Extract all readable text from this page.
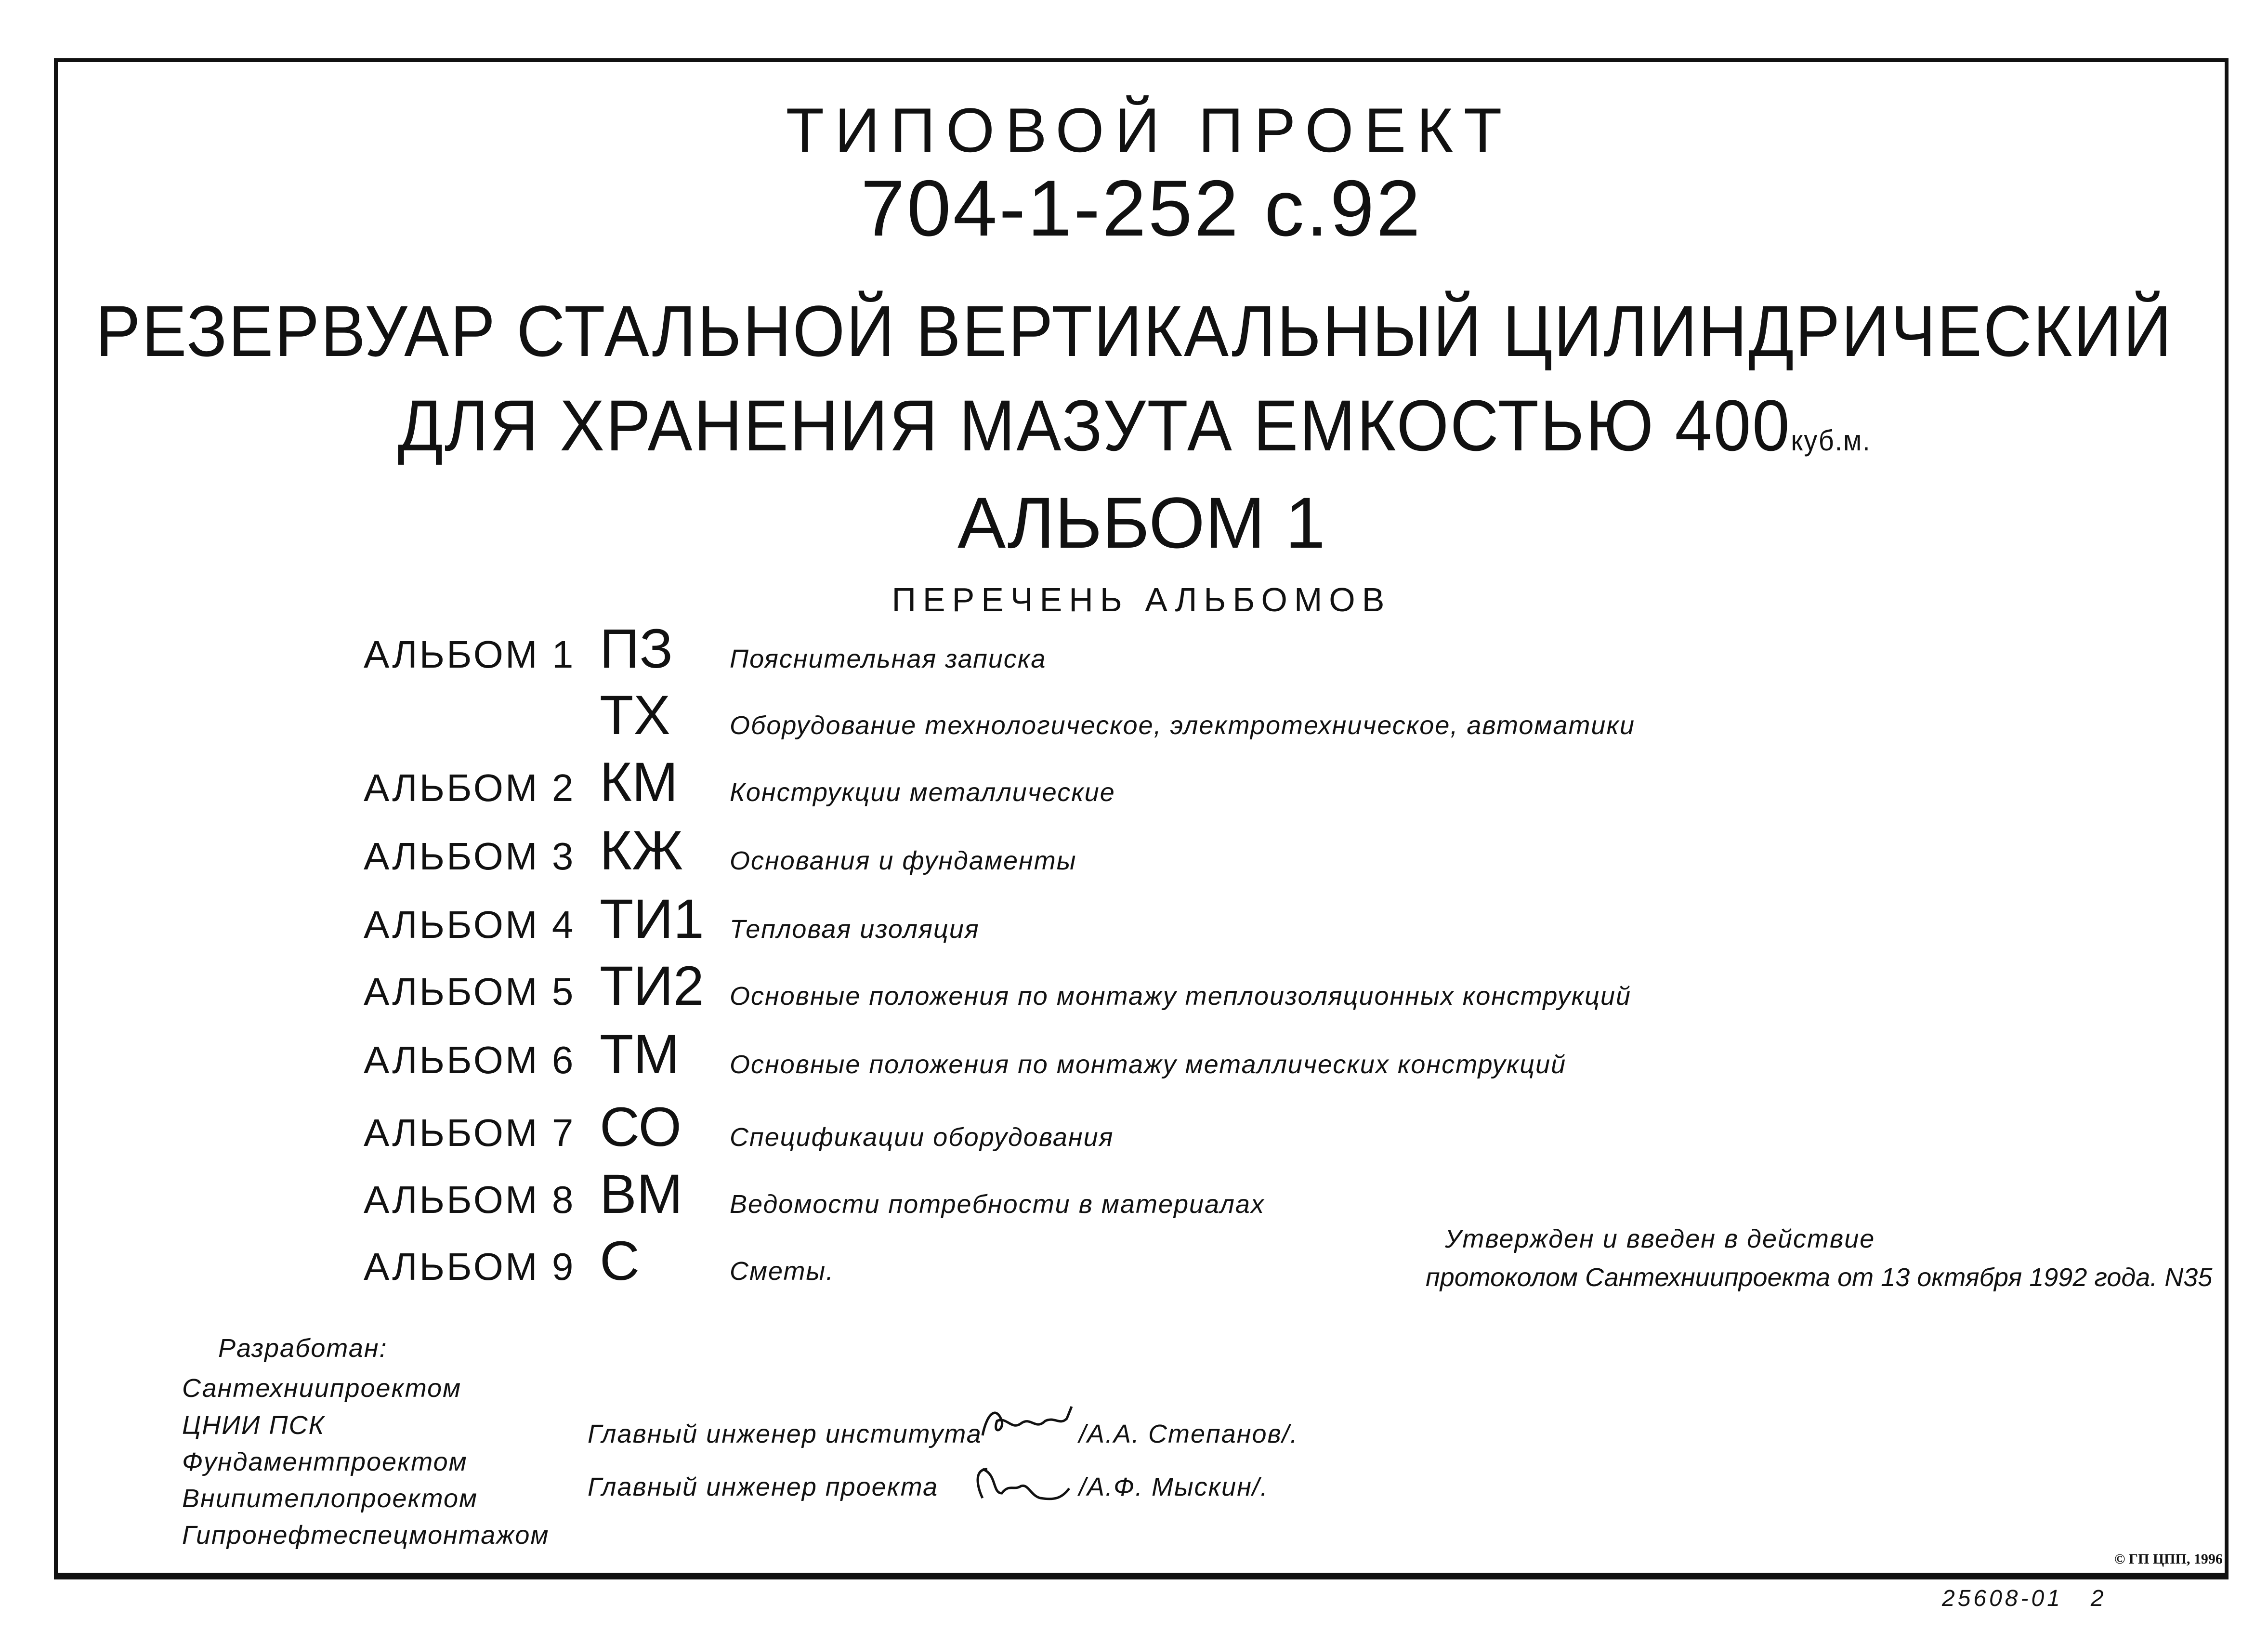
ТИПОВОЙ ПРОЕКТ
704-1-252 с.92
РЕЗЕРВУАР СТАЛЬНОЙ ВЕРТИКАЛЬНЫЙ ЦИЛИНДРИЧЕСКИЙ
ДЛЯ ХРАНЕНИЯ МАЗУТА ЕМКОСТЬЮ 400куб.м.
АЛЬБОМ 1
ПЕРЕЧЕНЬ АЛЬБОМОВ
АЛЬБОМ 1 ПЗ	Пояснительная записка
ТХ	Оборудование технологическое, электротехническое, автоматики
АЛЬБОМ 2 КМ	Конструкции металлические
АЛЬБОМ 3 КЖ	Основания и фундаменты
АЛЬБОМ 4 ТИ1 Тепловая изоляция
АЛЬБОМ 5 ТИ2 Основные положения по монтажу теплоизоляционных конструкций
АЛЬБОМ 6 ТМ	Основные положения по монтажу металлических конструкций
АЛЬБОМ 7 СО	Спецификации оборудования
АЛЬБОМ 8 ВМ	Ведомости потребности в материалах
АЛЬБОМ 9 С	Сметы.
Утвержден и введен в действие
протоколом Сантехниипроекта от 13 октября 1992 года. N35
Разработан:
Сантехниипроектом
ЦНИИ ПСК
Фундаментпроектом
Внипитеплопроектом
Гипронефтеспецмонтажом
Главный инженер института	/А.А. Степанов/.
Главный инженер проекта	/А.Ф. Мыскин/.
© ГП ЦПП, 1996
25608-01   2
